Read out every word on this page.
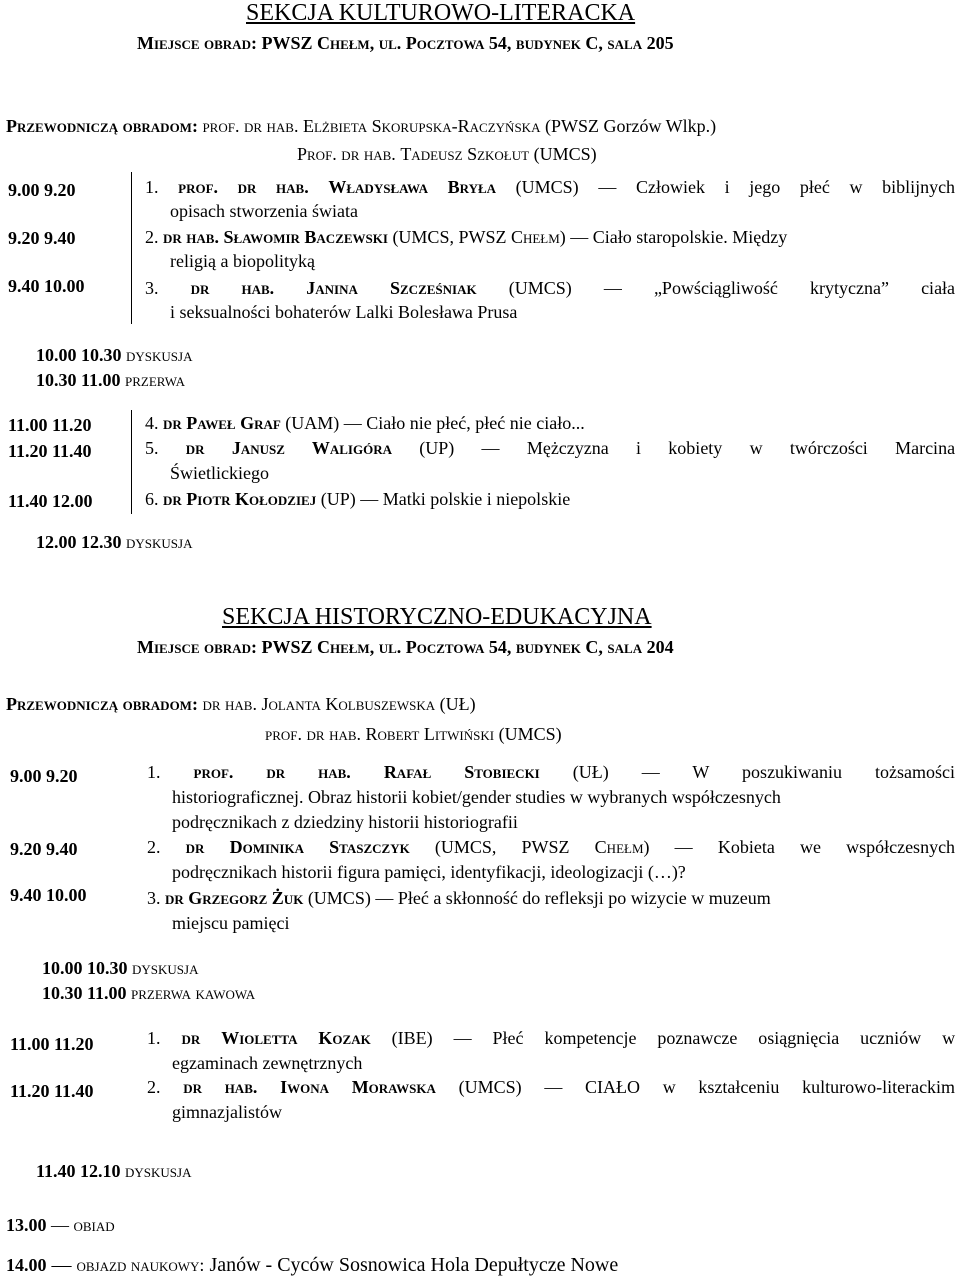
SEKCJA KULTUROWO-LITERACKA
Miejsce obrad: PWSZ Chełm, ul. Pocztowa 54, budynek C, sala 205
Przewodniczą obradom: prof. dr hab. Elżbieta Skorupska-Raczyńska (PWSZ Gorzów Wlkp.)
Prof. dr hab. Tadeusz Szkołut (UMCS)
9.00 9.20	1. prof. dr hab. Władysława Bryła (UMCS) — Człowiek i jego płeć w biblijnych
opisach stworzenia świata
9.20 9.40	2. dr hab. Sławomir Baczewski (UMCS, PWSZ Chełm) — Ciało staropolskie. Między
religią a biopolityką
9.40 10.00	3. dr hab. Janina Szcześniak (UMCS) — „Powściągliwość krytyczna” ciała
i seksualności bohaterów Lalki Bolesława Prusa
10.00 10.30 dyskusja
10.30 11.00 przerwa
11.00 11.20	4. dr Paweł Graf (UAM) — Ciało nie płeć, płeć nie ciało...
11.20 11.40	5. dr Janusz Waligóra (UP) — Mężczyzna i kobiety w twórczości Marcina
Świetlickiego
11.40 12.00	6. dr Piotr Kołodziej (UP) — Matki polskie i niepolskie
12.00 12.30 dyskusja
SEKCJA HISTORYCZNO-EDUKACYJNA
Miejsce obrad: PWSZ Chełm, ul. Pocztowa 54, budynek C, sala 204
Przewodniczą obradom: dr hab. Jolanta Kolbuszewska (UŁ)
prof. dr hab. Robert Litwiński (UMCS)
9.00 9.20	1. prof. dr hab. Rafał Stobiecki (UŁ) — W poszukiwaniu tożsamości
historiograficznej. Obraz historii kobiet/gender studies w wybranych współczesnych
podręcznikach z dziedziny historii historiografii
9.20 9.40	2. dr Dominika Staszczyk (UMCS, PWSZ Chełm) — Kobieta we współczesnych
podręcznikach historii figura pamięci, identyfikacji, ideologizacji (…)?
9.40 10.00	3. dr Grzegorz Żuk (UMCS) — Płeć a skłonność do refleksji po wizycie w muzeum
miejscu pamięci
10.00 10.30 dyskusja
10.30 11.00 przerwa kawowa
11.00 11.20	1. dr Wioletta Kozak (IBE) — Płeć kompetencje poznawcze osiągnięcia uczniów w
egzaminach zewnętrznych
11.20 11.40	2. dr hab. Iwona Morawska (UMCS) — CIAŁO w kształceniu kulturowo-literackim
gimnazjalistów
11.40 12.10 dyskusja
13.00 — obiad
14.00 — objazd naukowy: Janów - Cyców Sosnowica Hola Depułtycze Nowe
